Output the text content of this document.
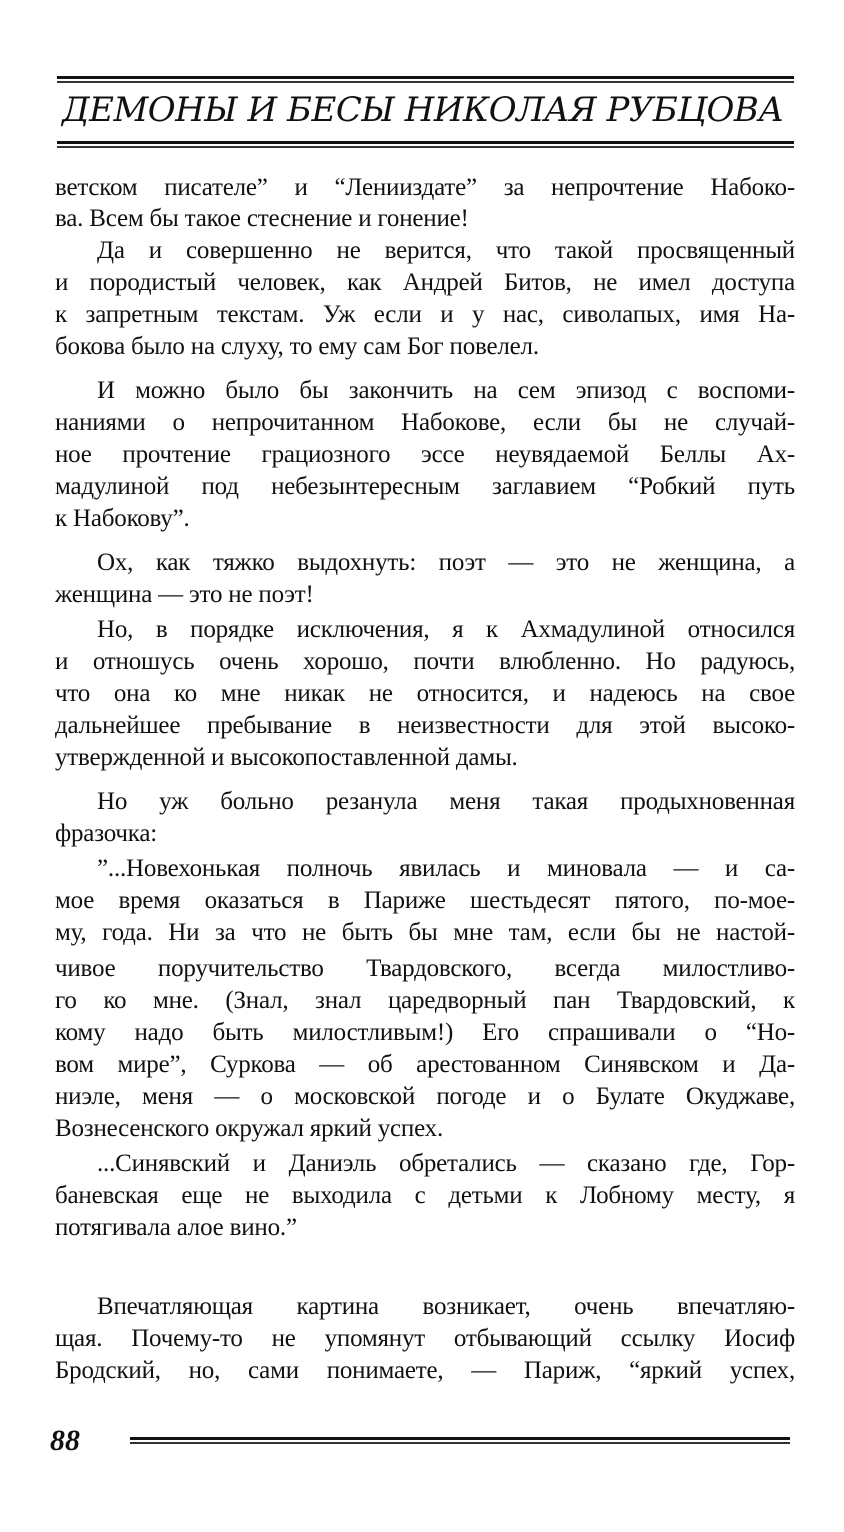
ДЕМОНЫ И БЕСЫ НИКОЛАЯ РУБЦОВА
ветском писателе” и “Ленииздате” за непрочтение Набоко-
ва. Всем бы такое стеснение и гонение!
Да и совершенно не верится, что такой просвященный
и породистый человек, как Андрей Битов, не имел доступа
к запретным текстам. Уж если и у нас, сиволапых, имя На-
бокова было на слуху, то ему сам Бог повелел.
И можно было бы закончить на сем эпизод с воспоми-
наниями о непрочитанном Набокове, если бы не случай-
ное прочтение грациозного эссе неувядаемой Беллы Ах-
мадулиной под небезынтересным заглавием “Робкий путь
к Набокову”.
Ох, как тяжко выдохнуть: поэт — это не женщина, а
женщина — это не поэт!
Но, в порядке исключения, я к Ахмадулиной относился
и отношусь очень хорошо, почти влюбленно. Но радуюсь,
что она ко мне никак не относится, и надеюсь на свое
дальнейшее пребывание в неизвестности для этой высоко-
утвержденной и высокопоставленной дамы.
Но уж больно резанула меня такая продыхновенная
фразочка:
”...Новехонькая полночь явилась и миновала — и са-
мое время оказаться в Париже шестьдесят пятого, по-мое-
му, года. Ни за что не быть бы мне там, если бы не настой-
чивое поручительство Твардовского, всегда милостливо-
го ко мне. (Знал, знал царедворный пан Твардовский, к
кому надо быть милостливым!) Его спрашивали о “Но-
вом мире”, Суркова — об арестованном Синявском и Да-
ниэле, меня — о московской погоде и о Булате Окуджаве,
Вознесенского окружал яркий успех.
...Синявский и Даниэль обретались — сказано где, Гор-
баневская еще не выходила с детьми к Лобному месту, я
потягивала алое вино.”
Впечатляющая картина возникает, очень впечатляю-
щая. Почему-то не упомянут отбывающий ссылку Иосиф
Бродский, но, сами понимаете, — Париж, “яркий успех,
88
